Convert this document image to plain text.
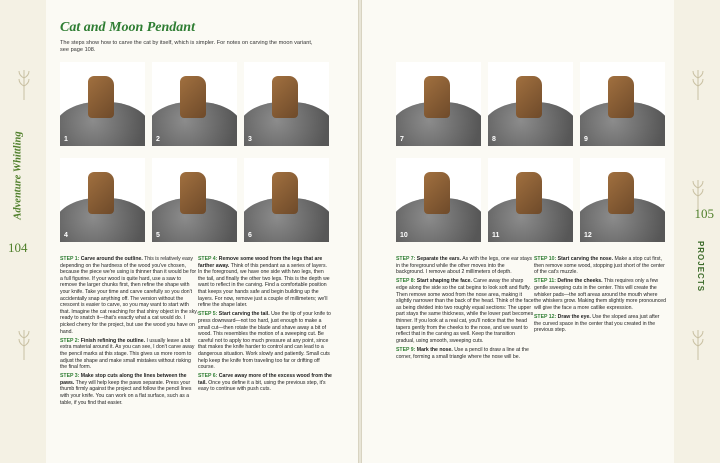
Adventure Whittling
104
Cat and Moon Pendant
The steps show how to carve the cat by itself, which is simpler. For notes on carving the moon variant, see page 108.
1	2	3
4	5	6

STEP 1: Carve around the outline. This is relatively easy depending on the hardness of the wood you've chosen, because the piece we're using is thinner than it would be for a full figurine. If your wood is quite hard, use a saw to remove the larger chunks first, then refine the shape with your knife. Take your time and carve carefully so you don't accidentally snap anything off. The version without the crescent is easier to carve, so you may want to start with that. Imagine the cat reaching for that shiny object in the sky, ready to snatch it—that's exactly what a cat would do. I picked cherry for the project, but use the wood you have on hand.

STEP 2: Finish refining the outline. I usually leave a bit extra material around it. As you can see, I don't carve away the pencil marks at this stage. This gives us more room to adjust the shape and make small mistakes without risking the final form.

STEP 3: Make stop cuts along the lines between the paws. They will help keep the paws separate. Press your thumb firmly against the project and follow the pencil lines with your knife. You can work on a flat surface, such as a table, if you find that easier.

STEP 4: Remove some wood from the legs that are farther away. Think of this pendant as a series of layers. In the foreground, we have one side with two legs, then the tail, and finally the other two legs. This is the depth we want to reflect in the carving. Find a comfortable position that keeps your hands safe and begin building up the layers. For now, remove just a couple of millimeters; we'll refine the shape later.

STEP 5: Start carving the tail. Use the tip of your knife to press downward—not too hard, just enough to make a small cut—then rotate the blade and shave away a bit of wood. This resembles the motion of a sweeping cut. Be careful not to apply too much pressure at any point, since that makes the knife harder to control and can lead to a dangerous situation. Work slowly and patiently. Small cuts help keep the knife from traveling too far or drifting off course.

STEP 6: Carve away more of the excess wood from the tail. Once you define it a bit, using the previous step, it's easy to continue with push cuts.

105
PROJECTS
7	8	9
10	11	12

STEP 7: Separate the ears. As with the legs, one ear stays in the foreground while the other moves into the background. I remove about 2 millimeters of depth.

STEP 8: Start shaping the face. Carve away the sharp edge along the side so the cat begins to look soft and fluffy. Then remove some wood from the nose area, making it slightly narrower than the back of the head. Think of the face as being divided into two roughly equal sections: The upper part stays the same thickness, while the lower part becomes thinner. If you look at a real cat, you'll notice that the head tapers gently from the cheeks to the nose, and we want to reflect that in the carving as well. Keep the transition gradual, using smooth, sweeping cuts.

STEP 9: Mark the nose. Use a pencil to draw a line at the corner, forming a small triangle where the nose will be.

STEP 10: Start carving the nose. Make a stop cut first, then remove some wood, stopping just short of the center of the cat's muzzle.

STEP 11: Define the cheeks. This requires only a few gentle sweeping cuts in the center. This will create the whisker pads—the soft areas around the mouth where the whiskers grow. Making them slightly more pronounced will give the face a more catlike expression.

STEP 12: Draw the eye. Use the sloped area just after the curved space in the center that you created in the previous step.
